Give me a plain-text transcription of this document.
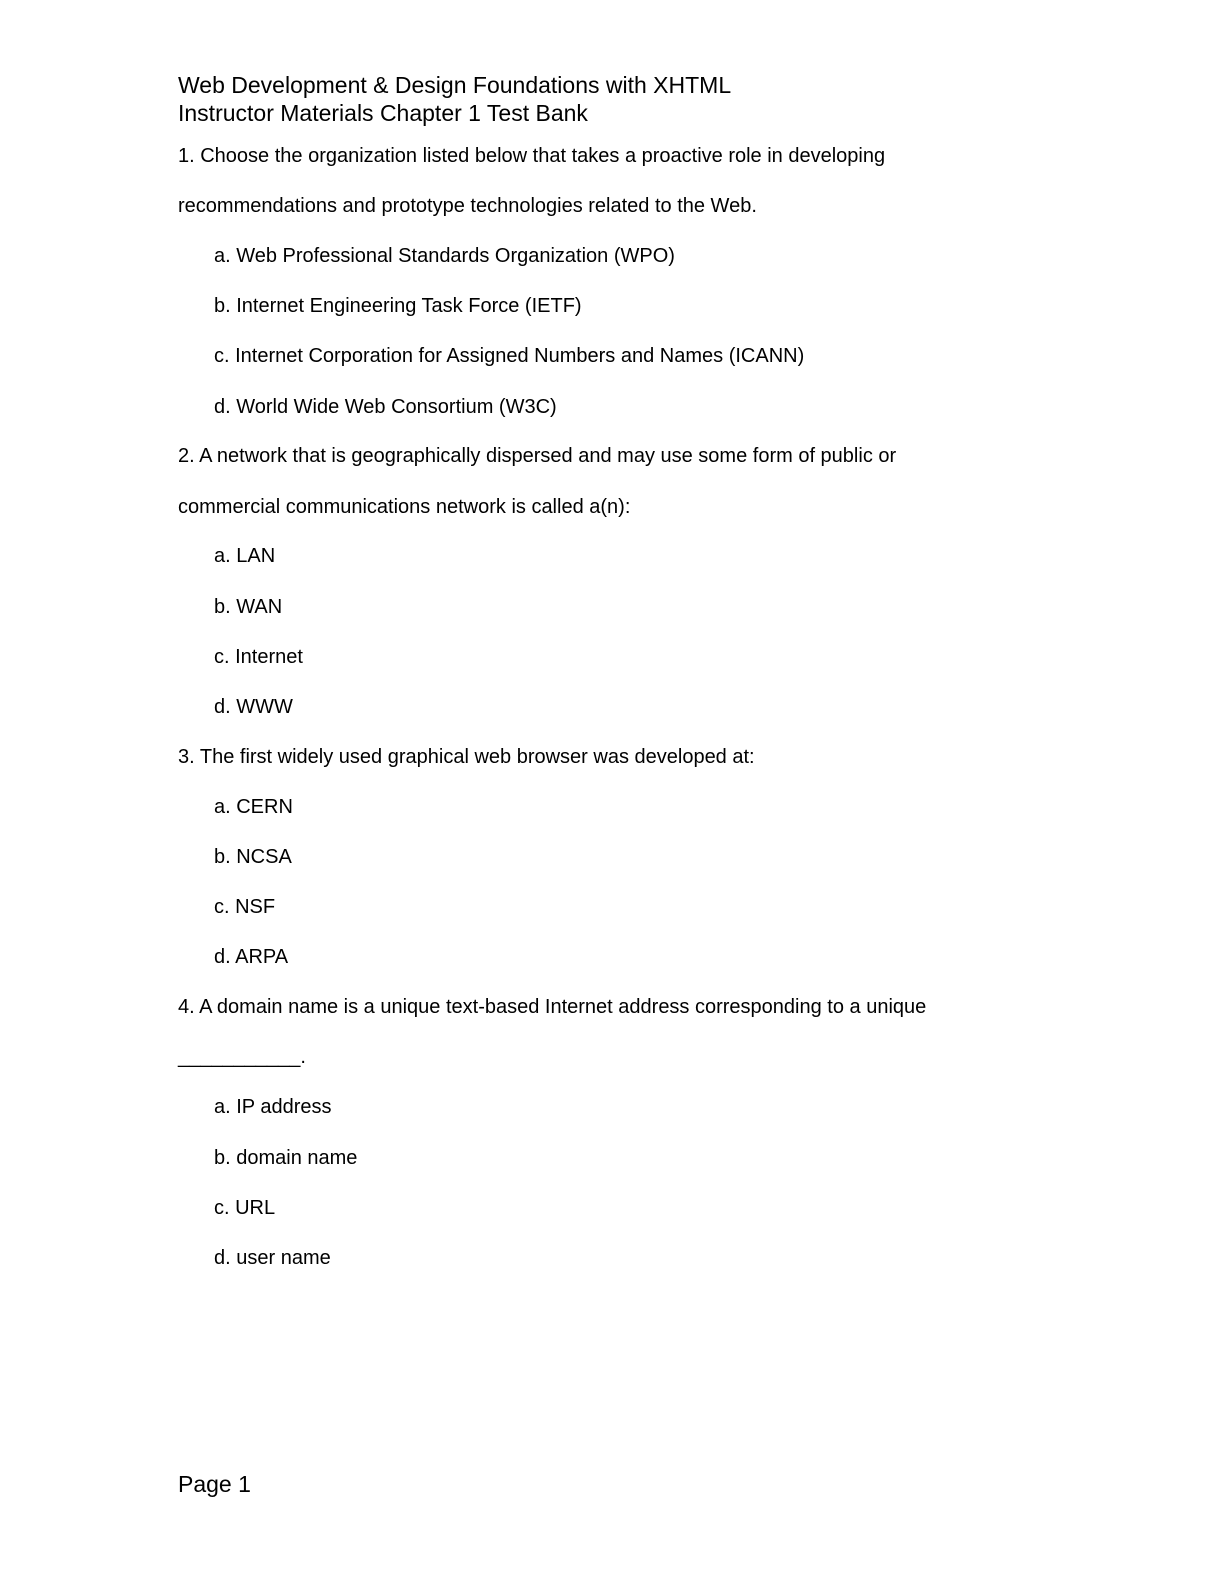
Web Development & Design Foundations with XHTML
Instructor Materials Chapter 1 Test Bank
1. Choose the organization listed below that takes a proactive role in developing
recommendations and prototype technologies related to the Web.
a. Web Professional Standards Organization (WPO)
b. Internet Engineering Task Force (IETF)
c. Internet Corporation for Assigned Numbers and Names (ICANN)
d. World Wide Web Consortium (W3C)
2. A network that is geographically dispersed and may use some form of public or
commercial communications network is called a(n):
a. LAN
b. WAN
c. Internet
d. WWW
3. The first widely used graphical web browser was developed at:
a. CERN
b. NCSA
c. NSF
d. ARPA
4. A domain name is a unique text-based Internet address corresponding to a unique
___________.
a. IP address
b. domain name
c. URL
d. user name
Page 1
